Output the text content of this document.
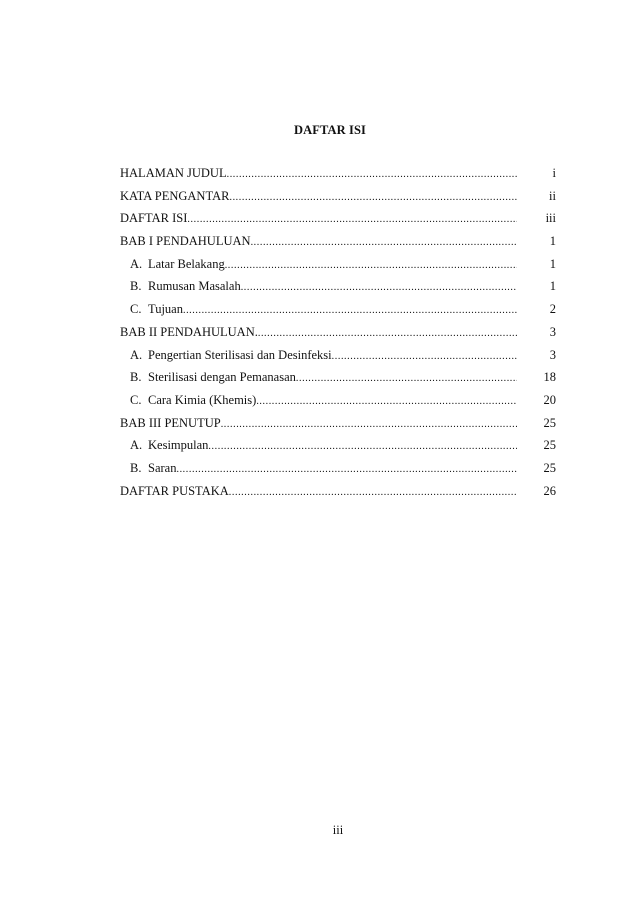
DAFTAR ISI
HALAMAN JUDUL .....	i
KATA PENGANTAR .....	ii
DAFTAR ISI .....	iii
BAB I PENDAHULUAN .....	1
A. Latar Belakang .....	1
B. Rumusan Masalah .....	1
C. Tujuan .....	2
BAB II PENDAHULUAN. .....	3
A. Pengertian Sterilisasi dan Desinfeksi .....	3
B. Sterilisasi dengan Pemanasan .....	18
C. Cara Kimia (Khemis) .....	20
BAB III PENUTUP .....	25
A. Kesimpulan .....	25
B. Saran .....	25
DAFTAR PUSTAKA .....	26
iii
